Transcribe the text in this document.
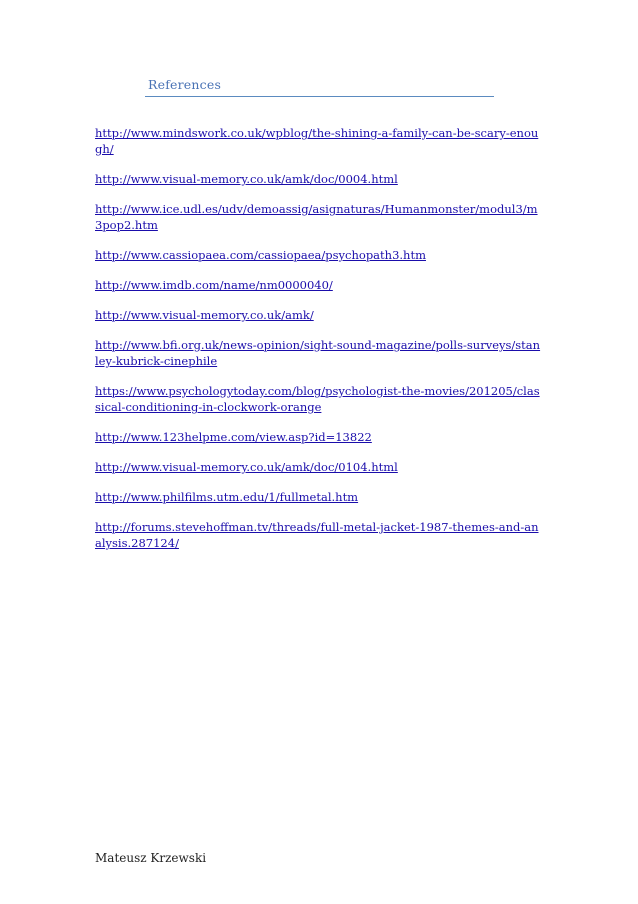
References
http://www.mindswork.co.uk/wpblog/the-shining-a-family-can-be-scary-enough/
http://www.visual-memory.co.uk/amk/doc/0004.html
http://www.ice.udl.es/udv/demoassig/asignaturas/Humanmonster/modul3/m3pop2.htm
http://www.cassiopaea.com/cassiopaea/psychopath3.htm
http://www.imdb.com/name/nm0000040/
http://www.visual-memory.co.uk/amk/
http://www.bfi.org.uk/news-opinion/sight-sound-magazine/polls-surveys/stanley-kubrick-cinephile
https://www.psychologytoday.com/blog/psychologist-the-movies/201205/classical-conditioning-in-clockwork-orange
http://www.123helpme.com/view.asp?id=13822
http://www.visual-memory.co.uk/amk/doc/0104.html
http://www.philfilms.utm.edu/1/fullmetal.htm
http://forums.stevehoffman.tv/threads/full-metal-jacket-1987-themes-and-analysis.287124/
Mateusz Krzewski
